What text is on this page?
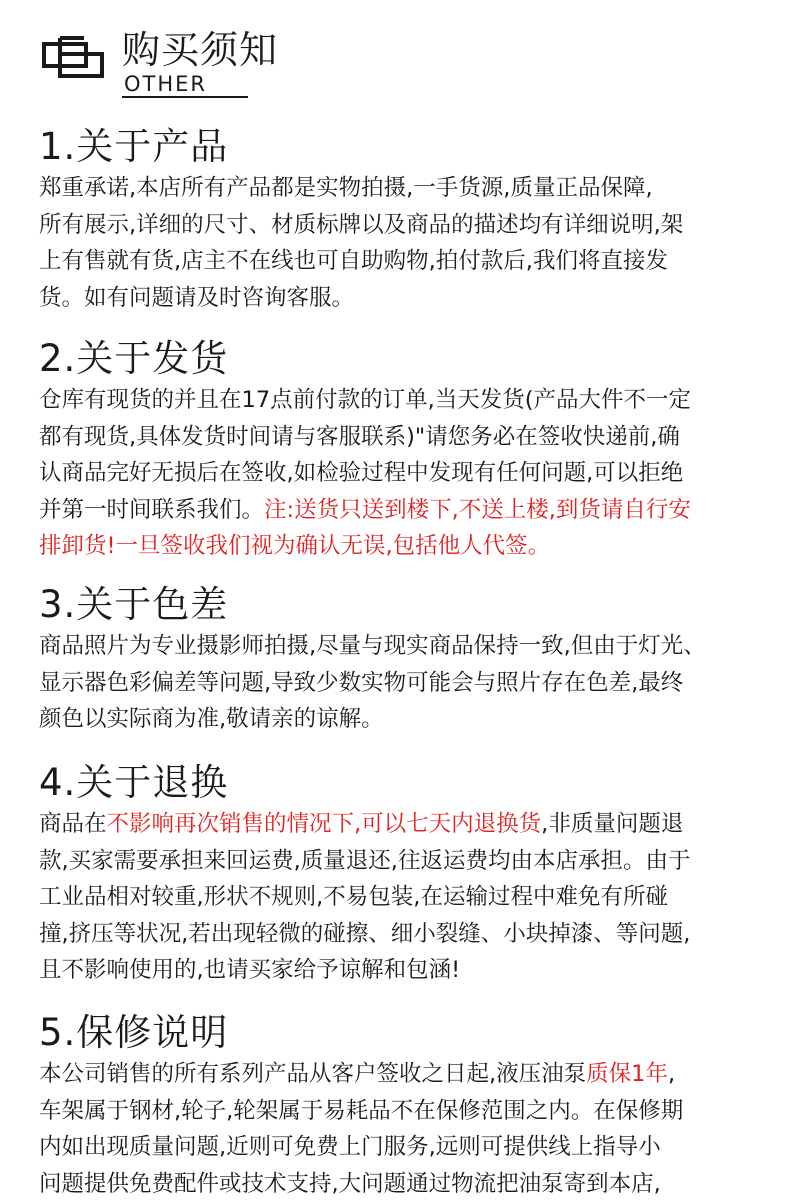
购买须知
OTHER
1.关于产品
郑重承诺,本店所有产品都是实物拍摄,一手货源,质量正品保障,
所有展示,详细的尺寸、材质标牌以及商品的描述均有详细说明,架
上有售就有货,店主不在线也可自助购物,拍付款后,我们将直接发
货。如有问题请及时咨询客服。
2.关于发货
仓库有现货的并且在17点前付款的订单,当天发货(产品大件不一定
都有现货,具体发货时间请与客服联系)"请您务必在签收快递前,确
认商品完好无损后在签收,如检验过程中发现有任何问题,可以拒绝
并第一时间联系我们。注:送货只送到楼下,不送上楼,到货请自行安
排卸货!一旦签收我们视为确认无误,包括他人代签。
3.关于色差
商品照片为专业摄影师拍摄,尽量与现实商品保持一致,但由于灯光、
显示器色彩偏差等问题,导致少数实物可能会与照片存在色差,最终
颜色以实际商为准,敬请亲的谅解。
4.关于退换
商品在不影响再次销售的情况下,可以七天内退换货,非质量问题退
款,买家需要承担来回运费,质量退还,往返运费均由本店承担。由于
工业品相对较重,形状不规则,不易包装,在运输过程中难免有所碰
撞,挤压等状况,若出现轻微的碰擦、细小裂缝、小块掉漆、等问题,
且不影响使用的,也请买家给予谅解和包涵!
5.保修说明
本公司销售的所有系列产品从客户签收之日起,液压油泵质保1年,
车架属于钢材,轮子,轮架属于易耗品不在保修范围之内。在保修期
内如出现质量问题,近则可免费上门服务,远则可提供线上指导小
问题提供免费配件或技术支持,大问题通过物流把油泵寄到本店,
